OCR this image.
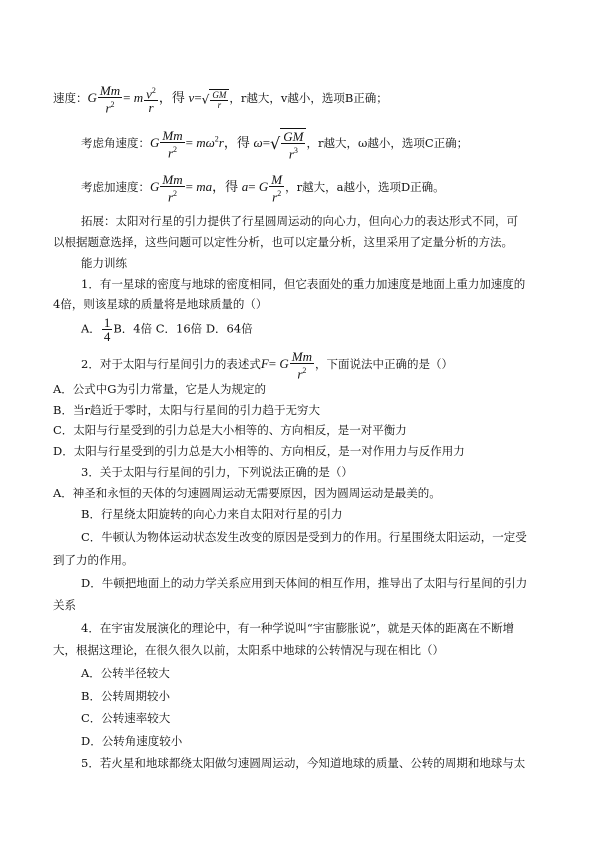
速度：G $\frac{Mm}{r^2} = m \frac{v^2}{r}$ ，得 $v=√ \frac{GM}{r}$ ，r越大，v越小，选项B正确；
考虑角速度：G $\frac{Mm}{r^2} = m\omega^2r$，得 $\omega=√ \frac{GM}{r^3}$ ，r越大，ω越小，选项C正确；
考虑加速度：G $\frac{Mm}{r^2}$ = ma，得 a= G $\frac{M}{r^2}$ ，r越大，a越小，选项D正确。
拓展：太阳对行星的引力提供了行星圆周运动的向心力，但向心力的表达形式不同，可
以根据题意选择，这些问题可以定性分析，也可以定量分析，这里采用了定量分析的方法。
能力训练
1．有一星球的密度与地球的密度相同，但它表面处的重力加速度是地面上重力加速度的
4倍，则该星球的质量将是地球质量的（）
A． $\frac{1}{4}$ B．4倍 C．16倍 D．64倍
2．对于太阳与行星间引力的表述式F= G $\frac{Mm}{r^2}$ ，下面说法中正确的是（）
A．公式中G为引力常量，它是人为规定的
B．当r趋近于零时，太阳与行星间的引力趋于无穷大
C．太阳与行星受到的引力总是大小相等的、方向相反，是一对平衡力
D．太阳与行星受到的引力总是大小相等的、方向相反，是一对作用力与反作用力
3．关于太阳与行星间的引力，下列说法正确的是（）
A．神圣和永恒的天体的匀速圆周运动无需要原因，因为圆周运动是最美的。
B．行星绕太阳旋转的向心力来自太阳对行星的引力
C．牛顿认为物体运动状态发生改变的原因是受到力的作用。行星围绕太阳运动，一定受
到了力的作用。
D．牛顿把地面上的动力学关系应用到天体间的相互作用，推导出了太阳与行星间的引力
关系
4．在宇宙发展演化的理论中，有一种学说叫“宇宙膨胀说”，就是天体的距离在不断增
大，根据这理论，在很久很久以前，太阳系中地球的公转情况与现在相比（）
A．公转半径较大
B．公转周期较小
C．公转速率较大
D．公转角速度较小
5．若火星和地球都绕太阳做匀速圆周运动，今知道地球的质量、公转的周期和地球与太
